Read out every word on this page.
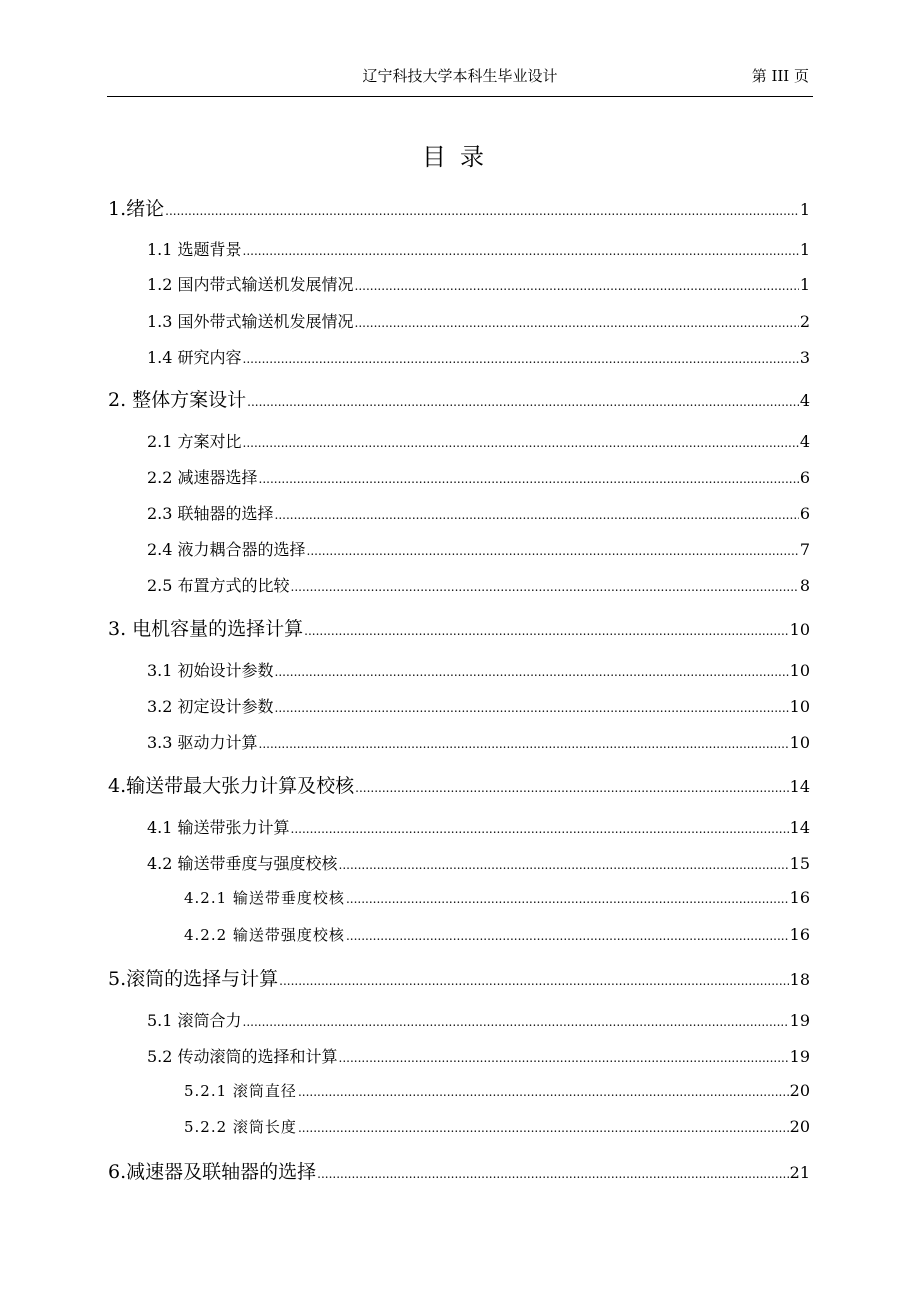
辽宁科技大学本科生毕业设计	第 III 页
目录
1.绪论 .....	1
1.1 选题背景 .....	1
1.2 国内带式输送机发展情况 .....	1
1.3 国外带式输送机发展情况 .....	2
1.4 研究内容 .....	3
2. 整体方案设计 .....	4
2.1 方案对比 .....	4
2.2 减速器选择 .....	6
2.3 联轴器的选择 .....	6
2.4 液力耦合器的选择 .....	7
2.5 布置方式的比较 .....	8
3. 电机容量的选择计算 .....	10
3.1 初始设计参数 .....	10
3.2 初定设计参数 .....	10
3.3 驱动力计算 .....	10
4.输送带最大张力计算及校核 .....	14
4.1 输送带张力计算 .....	14
4.2 输送带垂度与强度校核 .....	15
4.2.1 输送带垂度校核 .....	16
4.2.2 输送带强度校核 .....	16
5.滚筒的选择与计算 .....	18
5.1 滚筒合力 .....	19
5.2 传动滚筒的选择和计算 .....	19
5.2.1 滚筒直径 .....	20
5.2.2 滚筒长度 .....	20
6.减速器及联轴器的选择 .....	21
